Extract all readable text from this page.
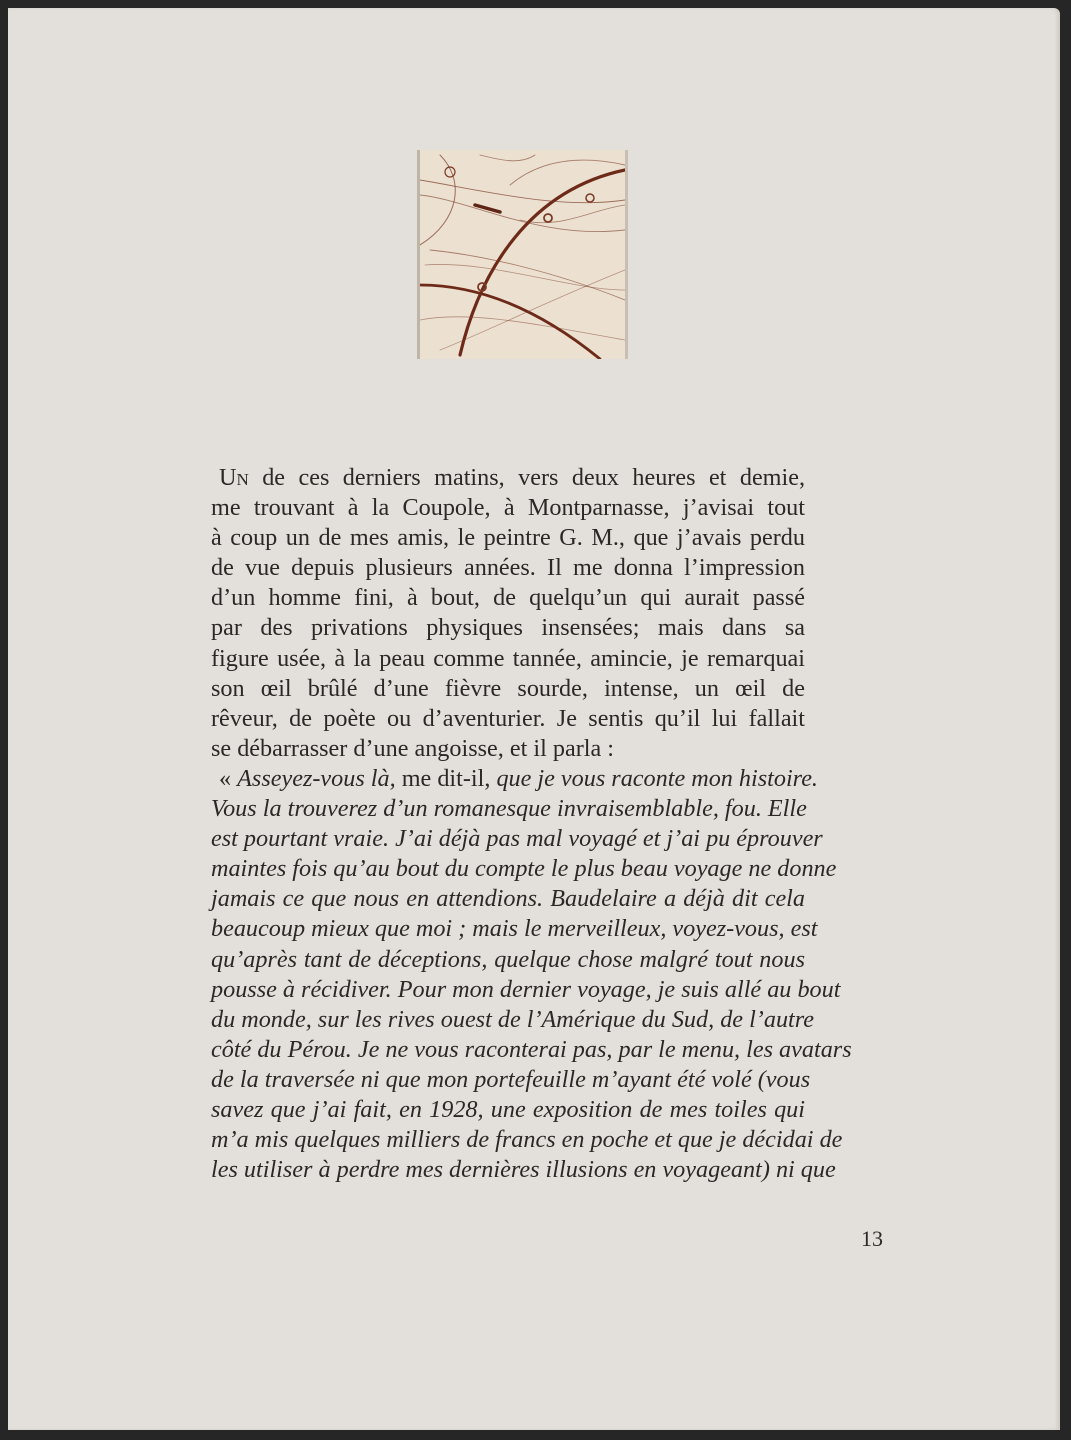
Un de ces derniers matins, vers deux heures et demie,
me trouvant à la Coupole, à Montparnasse, j’avisai tout
à coup un de mes amis, le peintre G. M., que j’avais perdu
de vue depuis plusieurs années. Il me donna l’impression
d’un homme fini, à bout, de quelqu’un qui aurait passé
par des privations physiques insensées; mais dans sa
figure usée, à la peau comme tannée, amincie, je remarquai
son œil brûlé d’une fièvre sourde, intense, un œil de
rêveur, de poète ou d’aventurier. Je sentis qu’il lui fallait
se débarrasser d’une angoisse, et il parla :
« Asseyez-vous là, me dit-il, que je vous raconte mon histoire.
Vous la trouverez d’un romanesque invraisemblable, fou. Elle
est pourtant vraie. J’ai déjà pas mal voyagé et j’ai pu éprouver
maintes fois qu’au bout du compte le plus beau voyage ne donne
jamais ce que nous en attendions. Baudelaire a déjà dit cela
beaucoup mieux que moi ; mais le merveilleux, voyez-vous, est
qu’après tant de déceptions, quelque chose malgré tout nous
pousse à récidiver. Pour mon dernier voyage, je suis allé au bout
du monde, sur les rives ouest de l’Amérique du Sud, de l’autre
côté du Pérou. Je ne vous raconterai pas, par le menu, les avatars
de la traversée ni que mon portefeuille m’ayant été volé (vous
savez que j’ai fait, en 1928, une exposition de mes toiles qui
m’a mis quelques milliers de francs en poche et que je décidai de
les utiliser à perdre mes dernières illusions en voyageant) ni que
13
